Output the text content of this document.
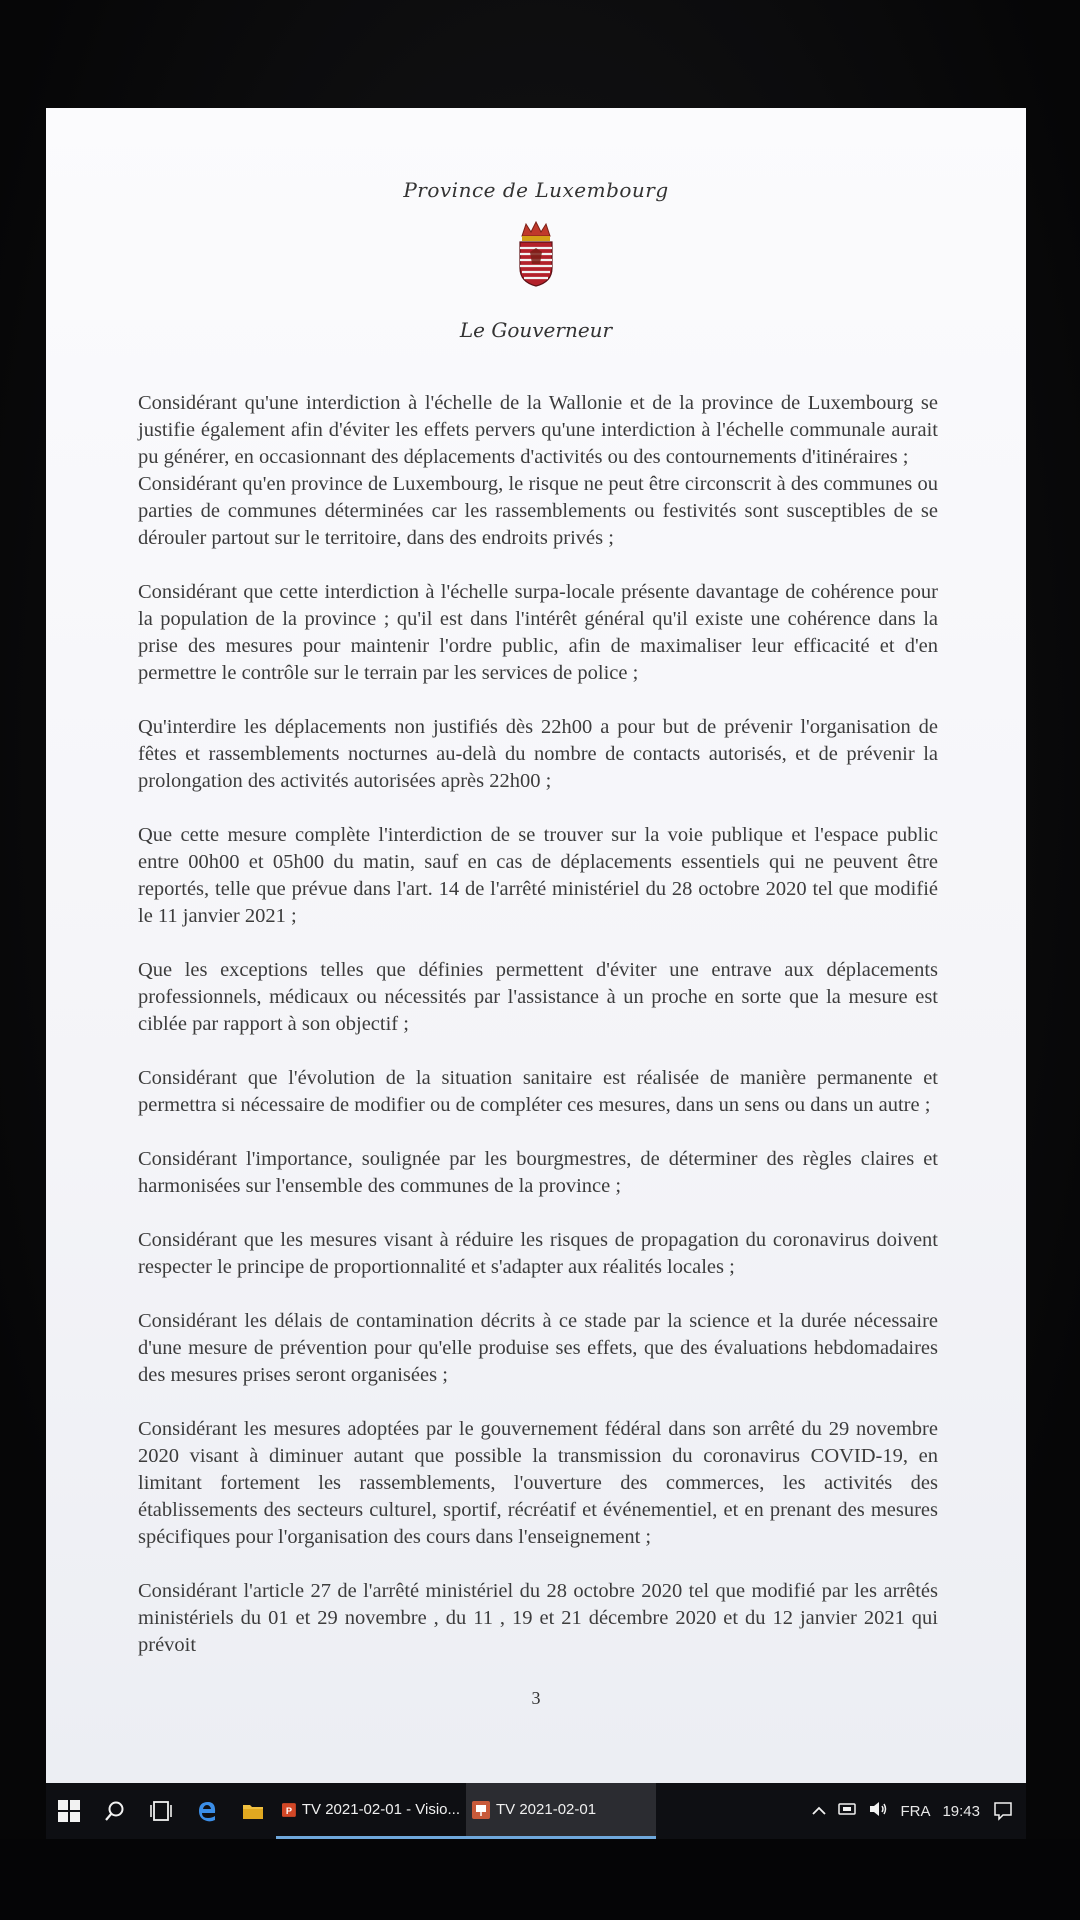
Province de Luxembourg
Le Gouverneur

Considérant qu'une interdiction à l'échelle de la Wallonie et de la province de Luxembourg se justifie également afin d'éviter les effets pervers qu'une interdiction à l'échelle communale aurait pu générer, en occasionnant des déplacements d'activités ou des contournements d'itinéraires ;

Considérant qu'en province de Luxembourg, le risque ne peut être circonscrit à des communes ou parties de communes déterminées car les rassemblements ou festivités sont susceptibles de se dérouler partout sur le territoire, dans des endroits privés ;

Considérant que cette interdiction à l'échelle surpa-locale présente davantage de cohérence pour la population de la province ; qu'il est dans l'intérêt général qu'il existe une cohérence dans la prise des mesures pour maintenir l'ordre public, afin de maximaliser leur efficacité et d'en permettre le contrôle sur le terrain par les services de police ;

Qu'interdire les déplacements non justifiés dès 22h00 a pour but de prévenir l'organisation de fêtes et rassemblements nocturnes au-delà du nombre de contacts autorisés, et de prévenir la prolongation des activités autorisées après 22h00 ;

Que cette mesure complète l'interdiction de se trouver sur la voie publique et l'espace public entre 00h00 et 05h00 du matin, sauf en cas de déplacements essentiels qui ne peuvent être reportés, telle que prévue dans l'art. 14 de l'arrêté ministériel du 28 octobre 2020 tel que modifié le 11 janvier 2021 ;

Que les exceptions telles que définies permettent d'éviter une entrave aux déplacements professionnels, médicaux ou nécessités par l'assistance à un proche en sorte que la mesure est ciblée par rapport à son objectif ;

Considérant que l'évolution de la situation sanitaire est réalisée de manière permanente et permettra si nécessaire de modifier ou de compléter ces mesures, dans un sens ou dans un autre ;

Considérant l'importance, soulignée par les bourgmestres, de déterminer des règles claires et harmonisées sur l'ensemble des communes de la province ;

Considérant que les mesures visant à réduire les risques de propagation du coronavirus doivent respecter le principe de proportionnalité et s'adapter aux réalités locales ;

Considérant les délais de contamination décrits à ce stade par la science et la durée nécessaire d'une mesure de prévention pour qu'elle produise ses effets, que des évaluations hebdomadaires des mesures prises seront organisées ;

Considérant les mesures adoptées par le gouvernement fédéral dans son arrêté du 29 novembre 2020 visant à diminuer autant que possible la transmission du coronavirus COVID-19, en limitant fortement les rassemblements, l'ouverture des commerces, les activités des établissements des secteurs culturel, sportif, récréatif et événementiel, et en prenant des mesures spécifiques pour l'organisation des cours dans l'enseignement ;

Considérant l'article 27 de l'arrêté ministériel du 28 octobre 2020 tel que modifié par les arrêtés ministériels du 01 et 29 novembre , du 11 , 19 et 21 décembre 2020 et du 12 janvier 2021 qui prévoit

3
P TV 2021-02-01 - Visio... TV 2021-02-01	FRA 19:43
